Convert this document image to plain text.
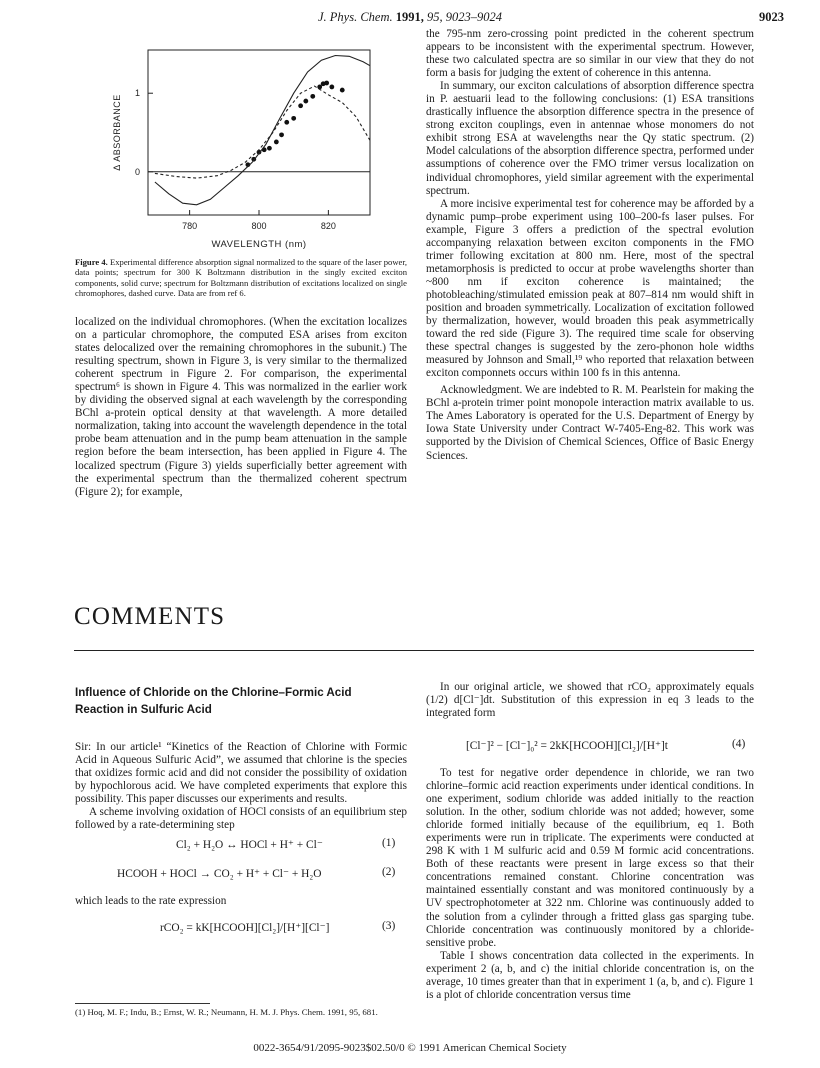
J. Phys. Chem. 1991, 95, 9023–9024	9023
780	800	820
0
1
WAVELENGTH (nm)
Δ ABSORBANCE
Figure 4. Experimental difference absorption signal normalized to the square of the laser power, data points; spectrum for 300 K Boltzmann distribution in the singly excited exciton components, solid curve; spectrum for Boltzmann distribution of excitations localized on single chromophores, dashed curve. Data are from ref 6.

localized on the individual chromophores. (When the excitation localizes on a particular chromophore, the computed ESA arises from exciton states delocalized over the remaining chromophores in the subunit.) The resulting spectrum, shown in Figure 3, is very similar to the thermalized coherent spectrum in Figure 2. For comparison, the experimental spectrum⁶ is shown in Figure 4. This was normalized in the earlier work by dividing the observed signal at each wavelength by the corresponding BChl a-protein optical density at that wavelength. A more detailed normalization, taking into account the wavelength dependence in the total probe beam attenuation and in the pump beam attenuation in the sample region before the beam intersection, has been applied in Figure 4. The localized spectrum (Figure 3) yields superficially better agreement with the experimental spectrum than the thermalized coherent spectrum (Figure 2); for example,

the 795-nm zero-crossing point predicted in the coherent spectrum appears to be inconsistent with the experimental spectrum. However, these two calculated spectra are so similar in our view that they do not form a basis for judging the extent of coherence in this antenna.

In summary, our exciton calculations of absorption difference spectra in P. aestuarii lead to the following conclusions: (1) ESA transitions drastically influence the absorption difference spectra in the presence of strong exciton couplings, even in antennae whose monomers do not exhibit strong ESA at wavelengths near the Qy static spectrum. (2) Model calculations of the absorption difference spectra, performed under assumptions of coherence over the FMO trimer versus localization on individual chromophores, yield similar agreement with the experimental spectrum.

A more incisive experimental test for coherence may be afforded by a dynamic pump–probe experiment using 100–200-fs laser pulses. For example, Figure 3 offers a prediction of the spectral evolution accompanying relaxation between exciton components in the FMO trimer following excitation at 800 nm. Here, most of the spectral metamorphosis is predicted to occur at probe wavelengths shorter than ~800 nm if exciton coherence is maintained; the photobleaching/stimulated emission peak at 807–814 nm would shift in position and broaden symmetrically. Localization of excitation followed by thermalization, however, would broaden this peak asymmetrically toward the red side (Figure 3). The required time scale for observing these spectral changes is suggested by the zero-phonon hole widths measured by Johnson and Small,¹⁹ who reported that relaxation between exciton componnets occurs within 100 fs in this antenna.

Acknowledgment. We are indebted to R. M. Pearlstein for making the BChl a-protein trimer point monopole interaction matrix available to us. The Ames Laboratory is operated for the U.S. Department of Energy by Iowa State University under Contract W-7405-Eng-82. This work was supported by the Division of Chemical Sciences, Office of Basic Energy Sciences.

COMMENTS

Influence of Chloride on the Chlorine–Formic Acid Reaction in Sulfuric Acid

Sir: In our article¹ “Kinetics of the Reaction of Chlorine with Formic Acid in Aqueous Sulfuric Acid”, we assumed that chlorine is the species that oxidizes formic acid and did not consider the possibility of oxidation by hypochlorous acid. We have completed experiments that explore this possibility. This paper discusses our experiments and results.

A scheme involving oxidation of HOCl consists of an equilibrium step followed by a rate-determining step

Cl₂ + H₂O ↔ HOCl + H⁺ + Cl⁻	(1)
HCOOH + HOCl → CO₂ + H⁺ + Cl⁻ + H₂O	(2)

which leads to the rate expression

rCO₂ = kK[HCOOH][Cl₂]/[H⁺][Cl⁻]	(3)
(1) Hoq, M. F.; Indu, B.; Ernst, W. R.; Neumann, H. M. J. Phys. Chem. 1991, 95, 681.

In our original article, we showed that rCO₂ approximately equals (1/2) d[Cl⁻]dt. Substitution of this expression in eq 3 leads to the integrated form

[Cl⁻]² − [Cl⁻]₀² = 2kK[HCOOH][Cl₂]/[H⁺]t	(4)

To test for negative order dependence in chloride, we ran two chlorine–formic acid reaction experiments under identical conditions. In one experiment, sodium chloride was added initially to the reaction solution. In the other, sodium chloride was not added; however, some chloride formed initially because of the equilibrium, eq 1. Both experiments were run in triplicate. The experiments were conducted at 298 K with 1 M sulfuric acid and 0.59 M formic acid concentrations. Both of these reactants were present in large excess so that their concentrations remained constant. Chlorine concentration was maintained essentially constant and was monitored continuously by a UV spectrophotometer at 322 nm. Chlorine was continuously added to the solution from a cylinder through a fritted glass gas sparging tube. Chloride concentration was continuously monitored by a chloride-sensitive probe.

Table I shows concentration data collected in the experiments. In experiment 2 (a, b, and c) the initial chloride concentration is, on the average, 10 times greater than that in experiment 1 (a, b, and c). Figure 1 is a plot of chloride concentration versus time

0022-3654/91/2095-9023$02.50/0 © 1991 American Chemical Society
